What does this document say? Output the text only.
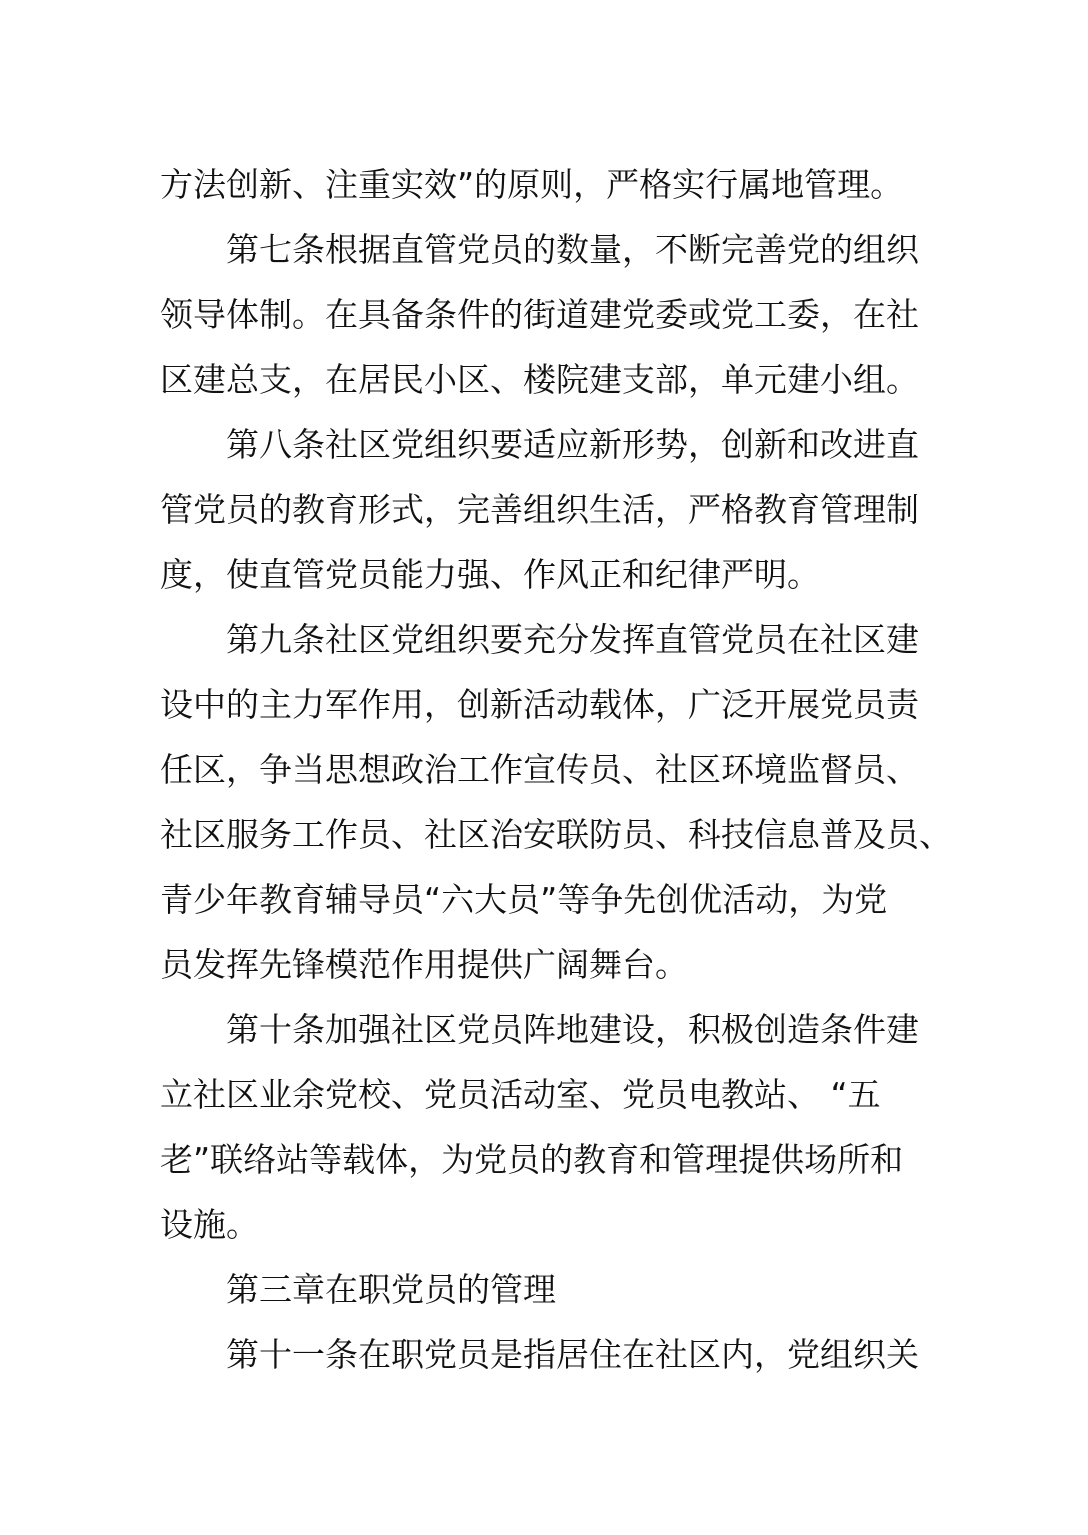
方法创新、注重实效”的原则，严格实行属地管理。
第七条根据直管党员的数量，不断完善党的组织
领导体制。在具备条件的街道建党委或党工委，在社
区建总支，在居民小区、楼院建支部，单元建小组。
第八条社区党组织要适应新形势，创新和改进直
管党员的教育形式，完善组织生活，严格教育管理制
度，使直管党员能力强、作风正和纪律严明。
第九条社区党组织要充分发挥直管党员在社区建
设中的主力军作用，创新活动载体，广泛开展党员责
任区，争当思想政治工作宣传员、社区环境监督员、
社区服务工作员、社区治安联防员、科技信息普及员、
青少年教育辅导员“六大员”等争先创优活动，为党
员发挥先锋模范作用提供广阔舞台。
第十条加强社区党员阵地建设，积极创造条件建
立社区业余党校、党员活动室、党员电教站、 “五
老”联络站等载体，为党员的教育和管理提供场所和
设施。
第三章在职党员的管理
第十一条在职党员是指居住在社区内，党组织关
